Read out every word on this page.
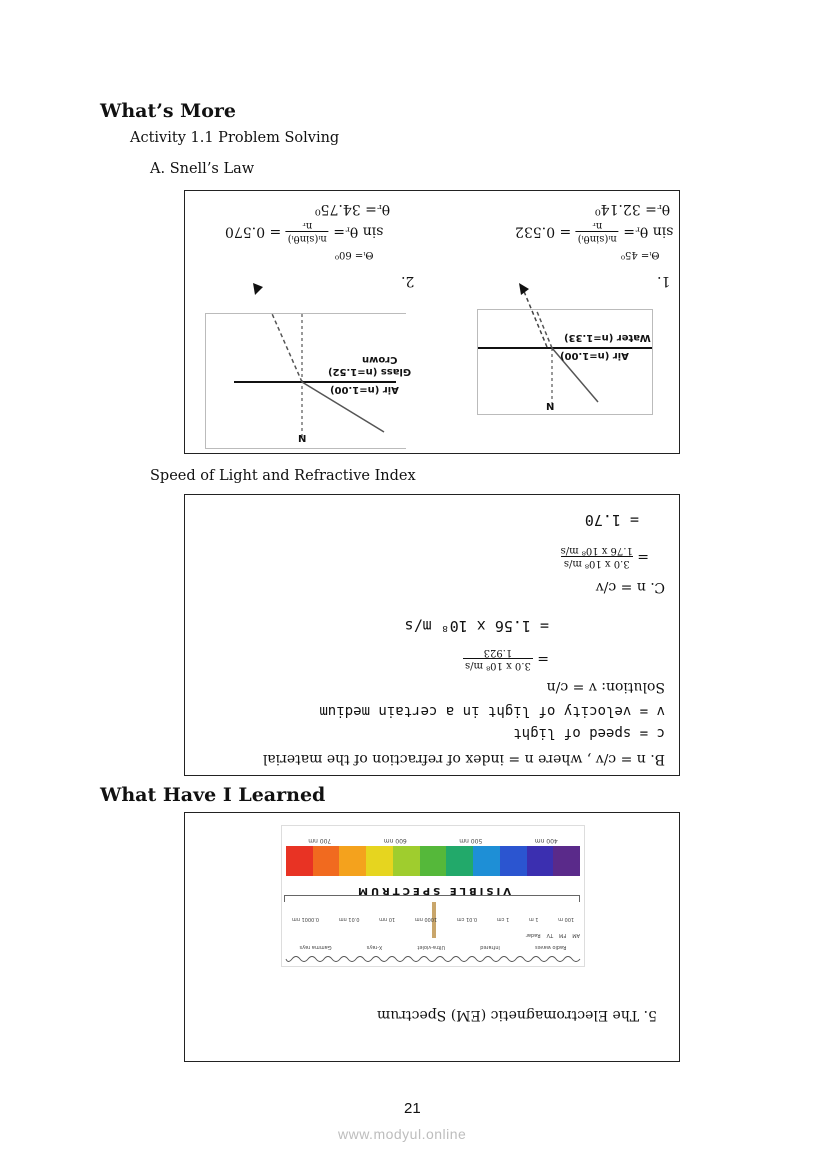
What’s More
Activity 1.1 Problem Solving
A. Snell’s Law
1.
Θᵢ= 45⁰
sin θᵣ=
nᵢ(sinθᵢ)
nᵣ = 0.532
θᵣ= 32.14⁰
2.
Θᵢ= 60⁰
sin θᵣ=
nᵢ(sinθᵢ)
nᵣ = 0.570
θᵣ= 34.75⁰
Air (n=1.00)
Water (n=1.33)
N
Air (n=1.00)
Crown
Glass (n=1.52)
N
Speed of Light and Refractive Index
B. n = c/v , where n = index of refraction of the material
c = speed of light
v = velocity of light in a certain medium
Solution: v = c/n
=
3.0 x 10⁸ m/s
1.923
= 1.56 x 10⁸ m/s
C. n = c/v
=
3.0 x 10⁸ m/s
1.76 x 10⁸ m/s
= 1.70
What Have I Learned
400 nm
500 nm
600 nm
700 nm
VISIBLE SPECTRUM
100 m
1 m
1 cm
0.01 cm
1000 nm
10 nm
0.01 nm
0.0001 nm
AM
FM
TV
Radar
Radio waves
Infrared
Ultra-violet
X-rays
Gamma rays
5. The Electromagnetic (EM) Spectrum
21
www.modyul.online
